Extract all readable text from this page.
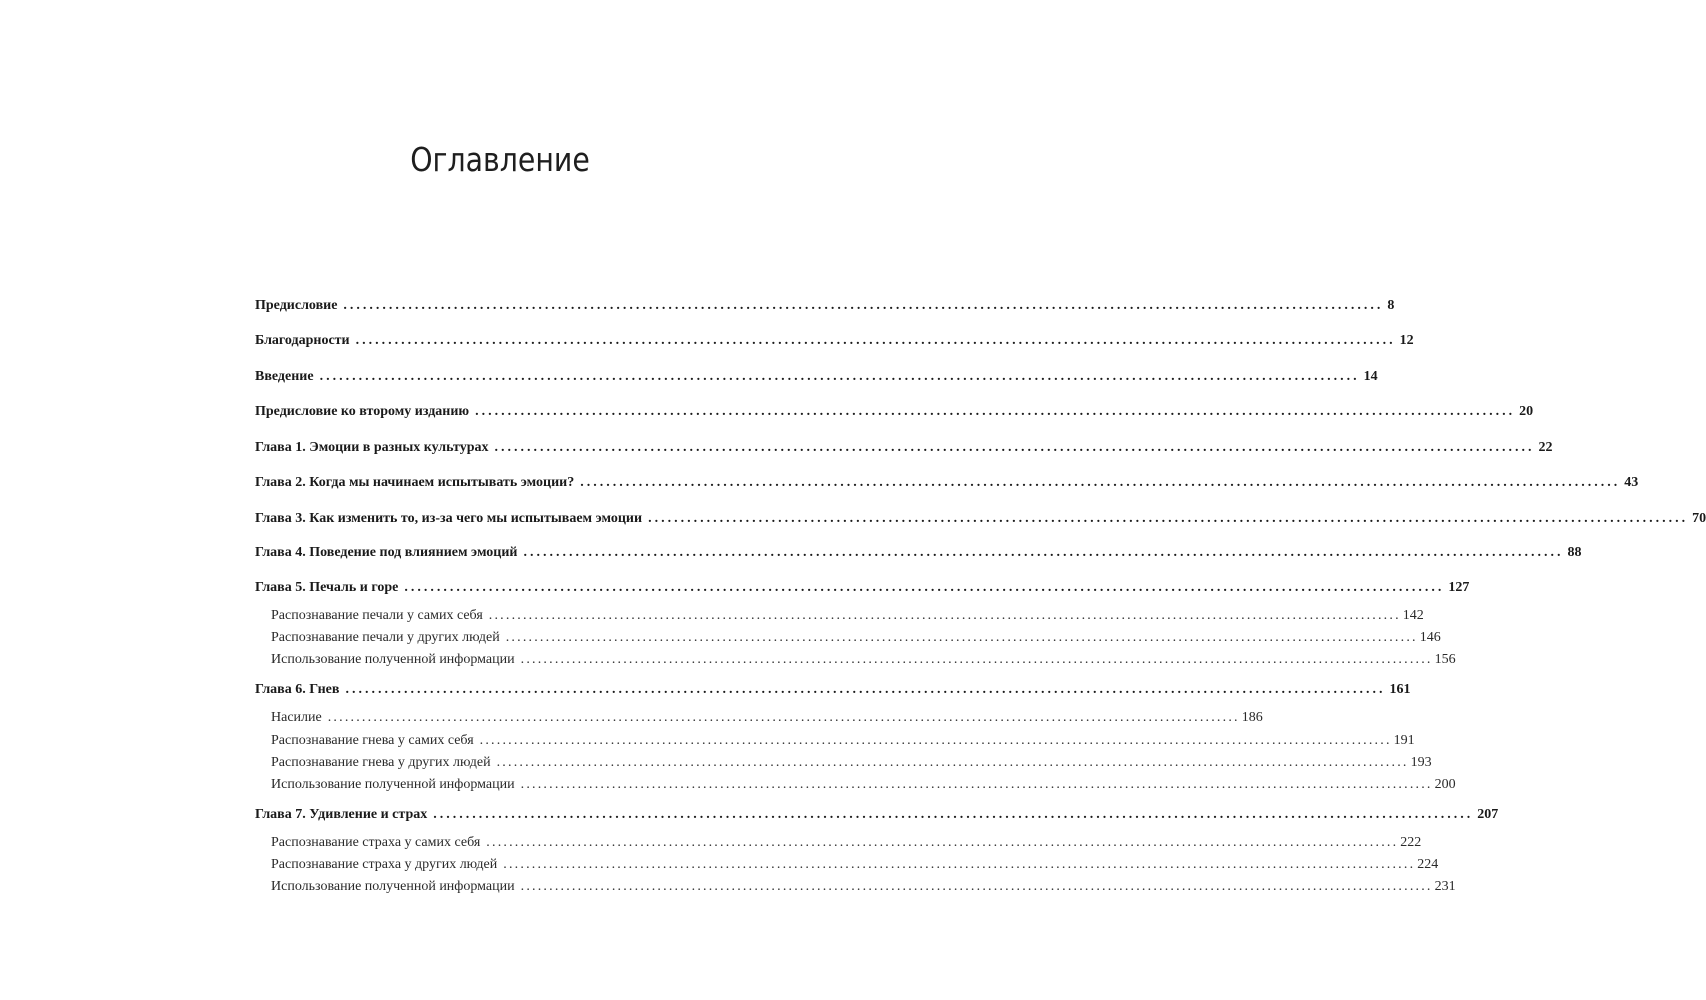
Оглавление
Предисловие ................................................................................................................................................................ 8
Благодарности ................................................................................................................................................................ 12
Введение ................................................................................................................................................................ 14
Предисловие ко второму изданию ................................................................................................................................................................ 20
Глава 1. Эмоции в разных культурах ................................................................................................................................................................ 22
Глава 2. Когда мы начинаем испытывать эмоции? ................................................................................................................................................................ 43
Глава 3. Как изменить то, из-за чего мы испытываем эмоции ................................................................................................................................................................ 70
Глава 4. Поведение под влиянием эмоций ................................................................................................................................................................ 88
Глава 5. Печаль и горе ................................................................................................................................................................ 127
Распознавание печали у самих себя ................................................................................................................................................................ 142
Распознавание печали у других людей ................................................................................................................................................................ 146
Использование полученной информации ................................................................................................................................................................ 156
Глава 6. Гнев ................................................................................................................................................................ 161
Насилие ................................................................................................................................................................ 186
Распознавание гнева у самих себя ................................................................................................................................................................ 191
Распознавание гнева у других людей ................................................................................................................................................................ 193
Использование полученной информации ................................................................................................................................................................ 200
Глава 7. Удивление и страх ................................................................................................................................................................ 207
Распознавание страха у самих себя ................................................................................................................................................................ 222
Распознавание страха у других людей ................................................................................................................................................................ 224
Использование полученной информации ................................................................................................................................................................ 231
